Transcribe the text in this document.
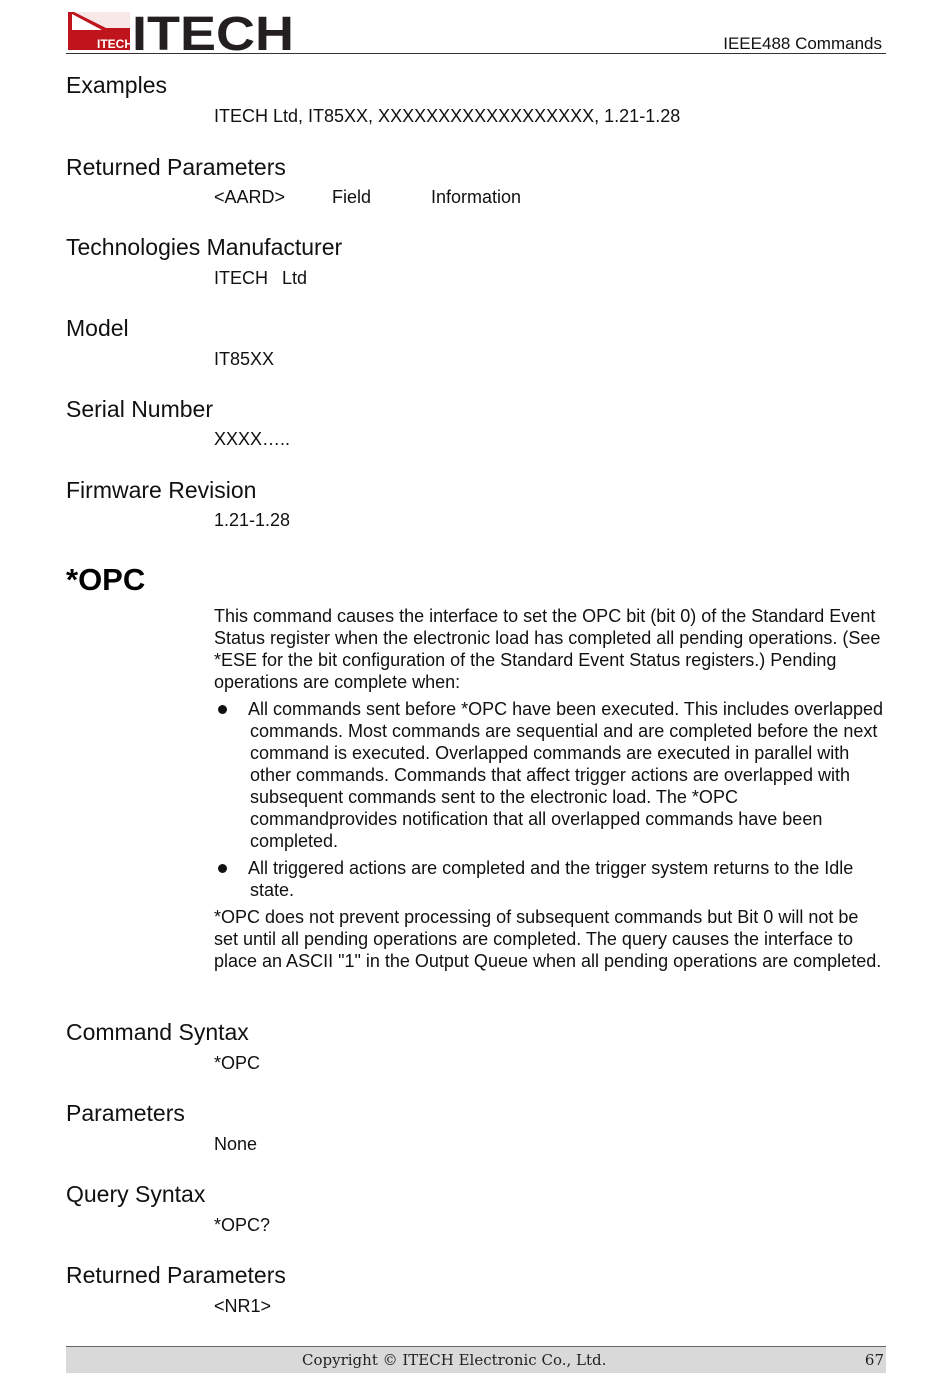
ITECH ITECH	IEEE488 Commands
Examples
ITECH Ltd, IT85XX, XXXXXXXXXXXXXXXXXX, 1.21-1.28
Returned Parameters
<AARD>	Field	Information
Technologies Manufacturer
ITECH  Ltd
Model
IT85XX
Serial Number
XXXX…..
Firmware Revision
1.21-1.28
*OPC

This command causes the interface to set the OPC bit (bit 0) of the Standard Event Status register when the electronic load has completed all pending operations. (See *ESE for the bit configuration of the Standard Event Status registers.) Pending operations are complete when:

All commands sent before *OPC have been executed. This includes overlapped commands. Most commands are sequential and are completed before the next command is executed. Overlapped commands are executed in parallel with other commands. Commands that affect trigger actions are overlapped with subsequent commands sent to the electronic load. The *OPC commandprovides notification that all overlapped commands have been completed.
All triggered actions are completed and the trigger system returns to the Idle state.

*OPC does not prevent processing of subsequent commands but Bit 0 will not be set until all pending operations are completed. The query causes the interface to place an ASCII "1" in the Output Queue when all pending operations are completed.

Command Syntax
*OPC
Parameters
None
Query Syntax
*OPC?
Returned Parameters
<NR1>
Copyright © ITECH Electronic Co., Ltd.	67
